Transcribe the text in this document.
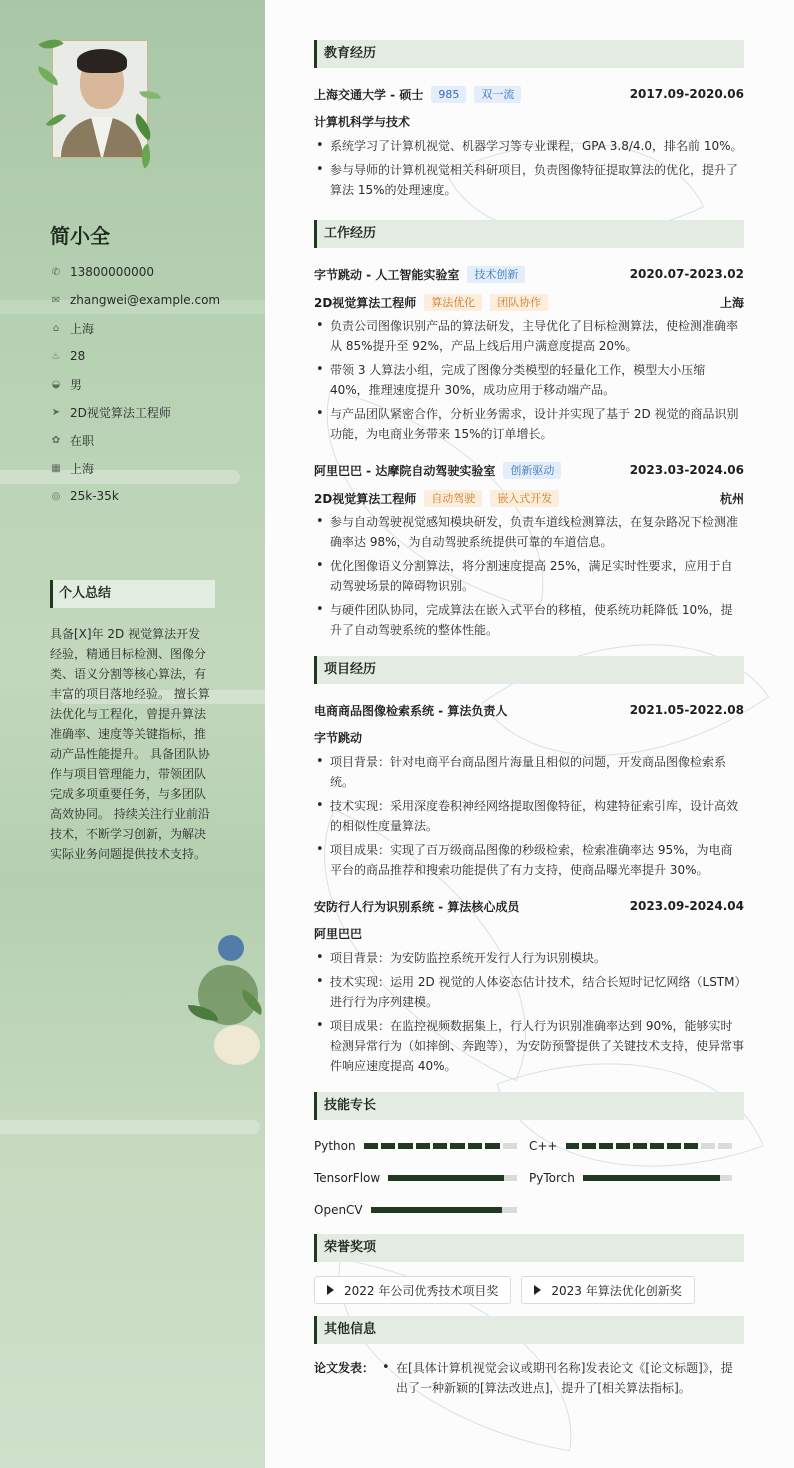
简小全
✆ 13800000000
✉ zhangwei@example.com
⌂ 上海
♨ 28
◒ 男
➤ 2D视觉算法工程师
✿ 在职
▦ 上海
◎ 25k-35k
个人总结
具备[X]年 2D 视觉算法开发经验，精通目标检测、图像分类、语义分割等核心算法，有丰富的项目落地经验。 擅长算法优化与工程化，曾提升算法准确率、速度等关键指标，推动产品性能提升。 具备团队协作与项目管理能力，带领团队完成多项重要任务，与多团队高效协同。 持续关注行业前沿技术，不断学习创新，为解决实际业务问题提供技术支持。
教育经历
上海交通大学 - 硕士	985	双一流	2017.09-2020.06
计算机科学与技术
• 系统学习了计算机视觉、机器学习等专业课程，GPA 3.8/4.0，排名前 10%。
• 参与导师的计算机视觉相关科研项目，负责图像特征提取算法的优化，提升了算法 15%的处理速度。
工作经历
字节跳动 - 人工智能实验室	技术创新	2020.07-2023.02
2D视觉算法工程师	算法优化	团队协作	上海
• 负责公司图像识别产品的算法研发，主导优化了目标检测算法，使检测准确率从 85%提升至 92%，产品上线后用户满意度提高 20%。
• 带领 3 人算法小组，完成了图像分类模型的轻量化工作，模型大小压缩 40%，推理速度提升 30%，成功应用于移动端产品。
• 与产品团队紧密合作，分析业务需求，设计并实现了基于 2D 视觉的商品识别功能，为电商业务带来 15%的订单增长。
阿里巴巴 - 达摩院自动驾驶实验室	创新驱动	2023.03-2024.06
2D视觉算法工程师	自动驾驶	嵌入式开发	杭州
• 参与自动驾驶视觉感知模块研发，负责车道线检测算法，在复杂路况下检测准确率达 98%，为自动驾驶系统提供可靠的车道信息。
• 优化图像语义分割算法，将分割速度提高 25%，满足实时性要求，应用于自动驾驶场景的障碍物识别。
• 与硬件团队协同，完成算法在嵌入式平台的移植，使系统功耗降低 10%，提升了自动驾驶系统的整体性能。
项目经历
电商商品图像检索系统 - 算法负责人	2021.05-2022.08
字节跳动
• 项目背景：针对电商平台商品图片海量且相似的问题，开发商品图像检索系统。
• 技术实现：采用深度卷积神经网络提取图像特征，构建特征索引库，设计高效的相似性度量算法。
• 项目成果：实现了百万级商品图像的秒级检索，检索准确率达 95%，为电商平台的商品推荐和搜索功能提供了有力支持，使商品曝光率提升 30%。
安防行人行为识别系统 - 算法核心成员	2023.09-2024.04
阿里巴巴
• 项目背景：为安防监控系统开发行人行为识别模块。
• 技术实现：运用 2D 视觉的人体姿态估计技术，结合长短时记忆网络（LSTM）进行行为序列建模。
• 项目成果：在监控视频数据集上，行人行为识别准确率达到 90%，能够实时检测异常行为（如摔倒、奔跑等），为安防预警提供了关键技术支持，使异常事件响应速度提高 40%。
技能专长
Python	C++
TensorFlow	PyTorch
OpenCV
荣誉奖项
2022 年公司优秀技术项目奖	2023 年算法优化创新奖
其他信息
论文发表：
•	在[具体计算机视觉会议或期刊名称]发表论文《[论文标题]》，提出了一种新颖的[算法改进点]，提升了[相关算法指标]。
